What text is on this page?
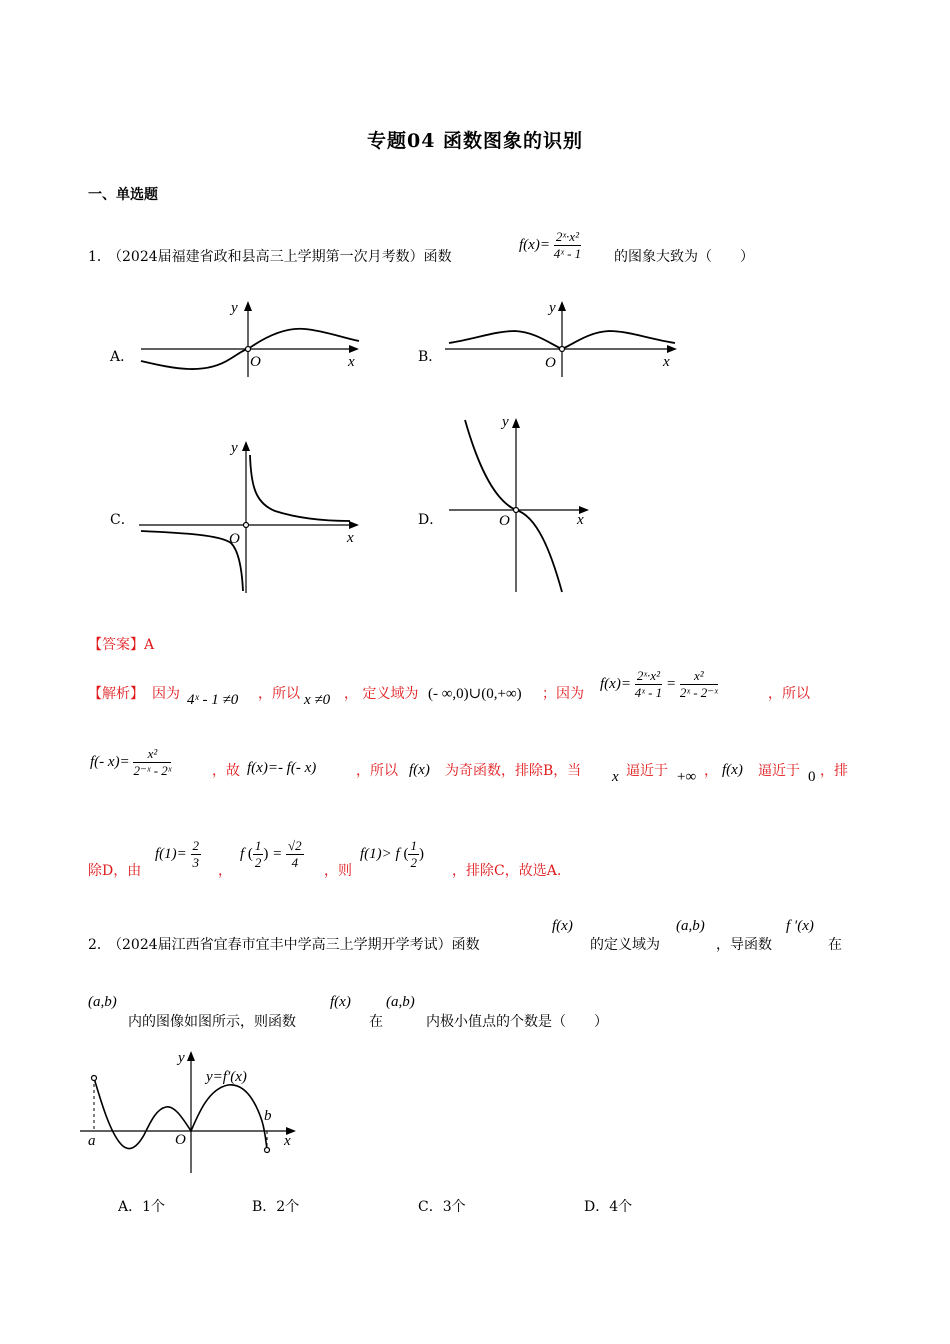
专题04 函数图象的识别
一、单选题
1．
（2024届福建省政和县高三上学期第一次月考数）函数
$f(x)= \frac{\text{2ˣ·x²}}{\text{4ˣ - 1}}$ 的图象大致为（　　）
A．	B．
C．	D．
y
O	x
y
O	x
y
O	x
y
O	x
【答案】A
【解析】 因为 4ˣ - 1 ≠0 ，所以 x ≠0 ， 定义域为 (- ∞,0)∪(0,+∞) ；因为
$f(x)= \frac{\text{2ˣ·x²}}{\text{4ˣ - 1}} = \frac{\text{x²}}{\text{2ˣ - 2⁻ˣ}}$	，所以
f(- $x)= \frac{\text{x²}}{\text{2⁻ˣ - 2ˣ}}$	，故 f(x)=- f(- x)	，所以 f(x) 为奇函数，排除B，当 x 逼近于 +∞ ， f(x) 逼近于 0 ，排
除D，由
$f(1)= \frac{2}{3}$ ，
f ( $\frac{1}{2}$ ) = $\frac{√2}{4}$ ，则
f(1)> f ( $\frac{1}{2}$ )
，排除C，故选A.
2．
（2024届江西省宜春市宜丰中学高三上学期开学考试）函数
f(x)
的定义域为
(a,b)
，导函数
f ′(x)
在
(a,b)
内的图像如图所示，则函数
f(x)
在
(a,b)
内极小值点的个数是（　　）
y
y=f′(x)
a	O
b
x
A．1个	B．2个	C．3个	D．4个
